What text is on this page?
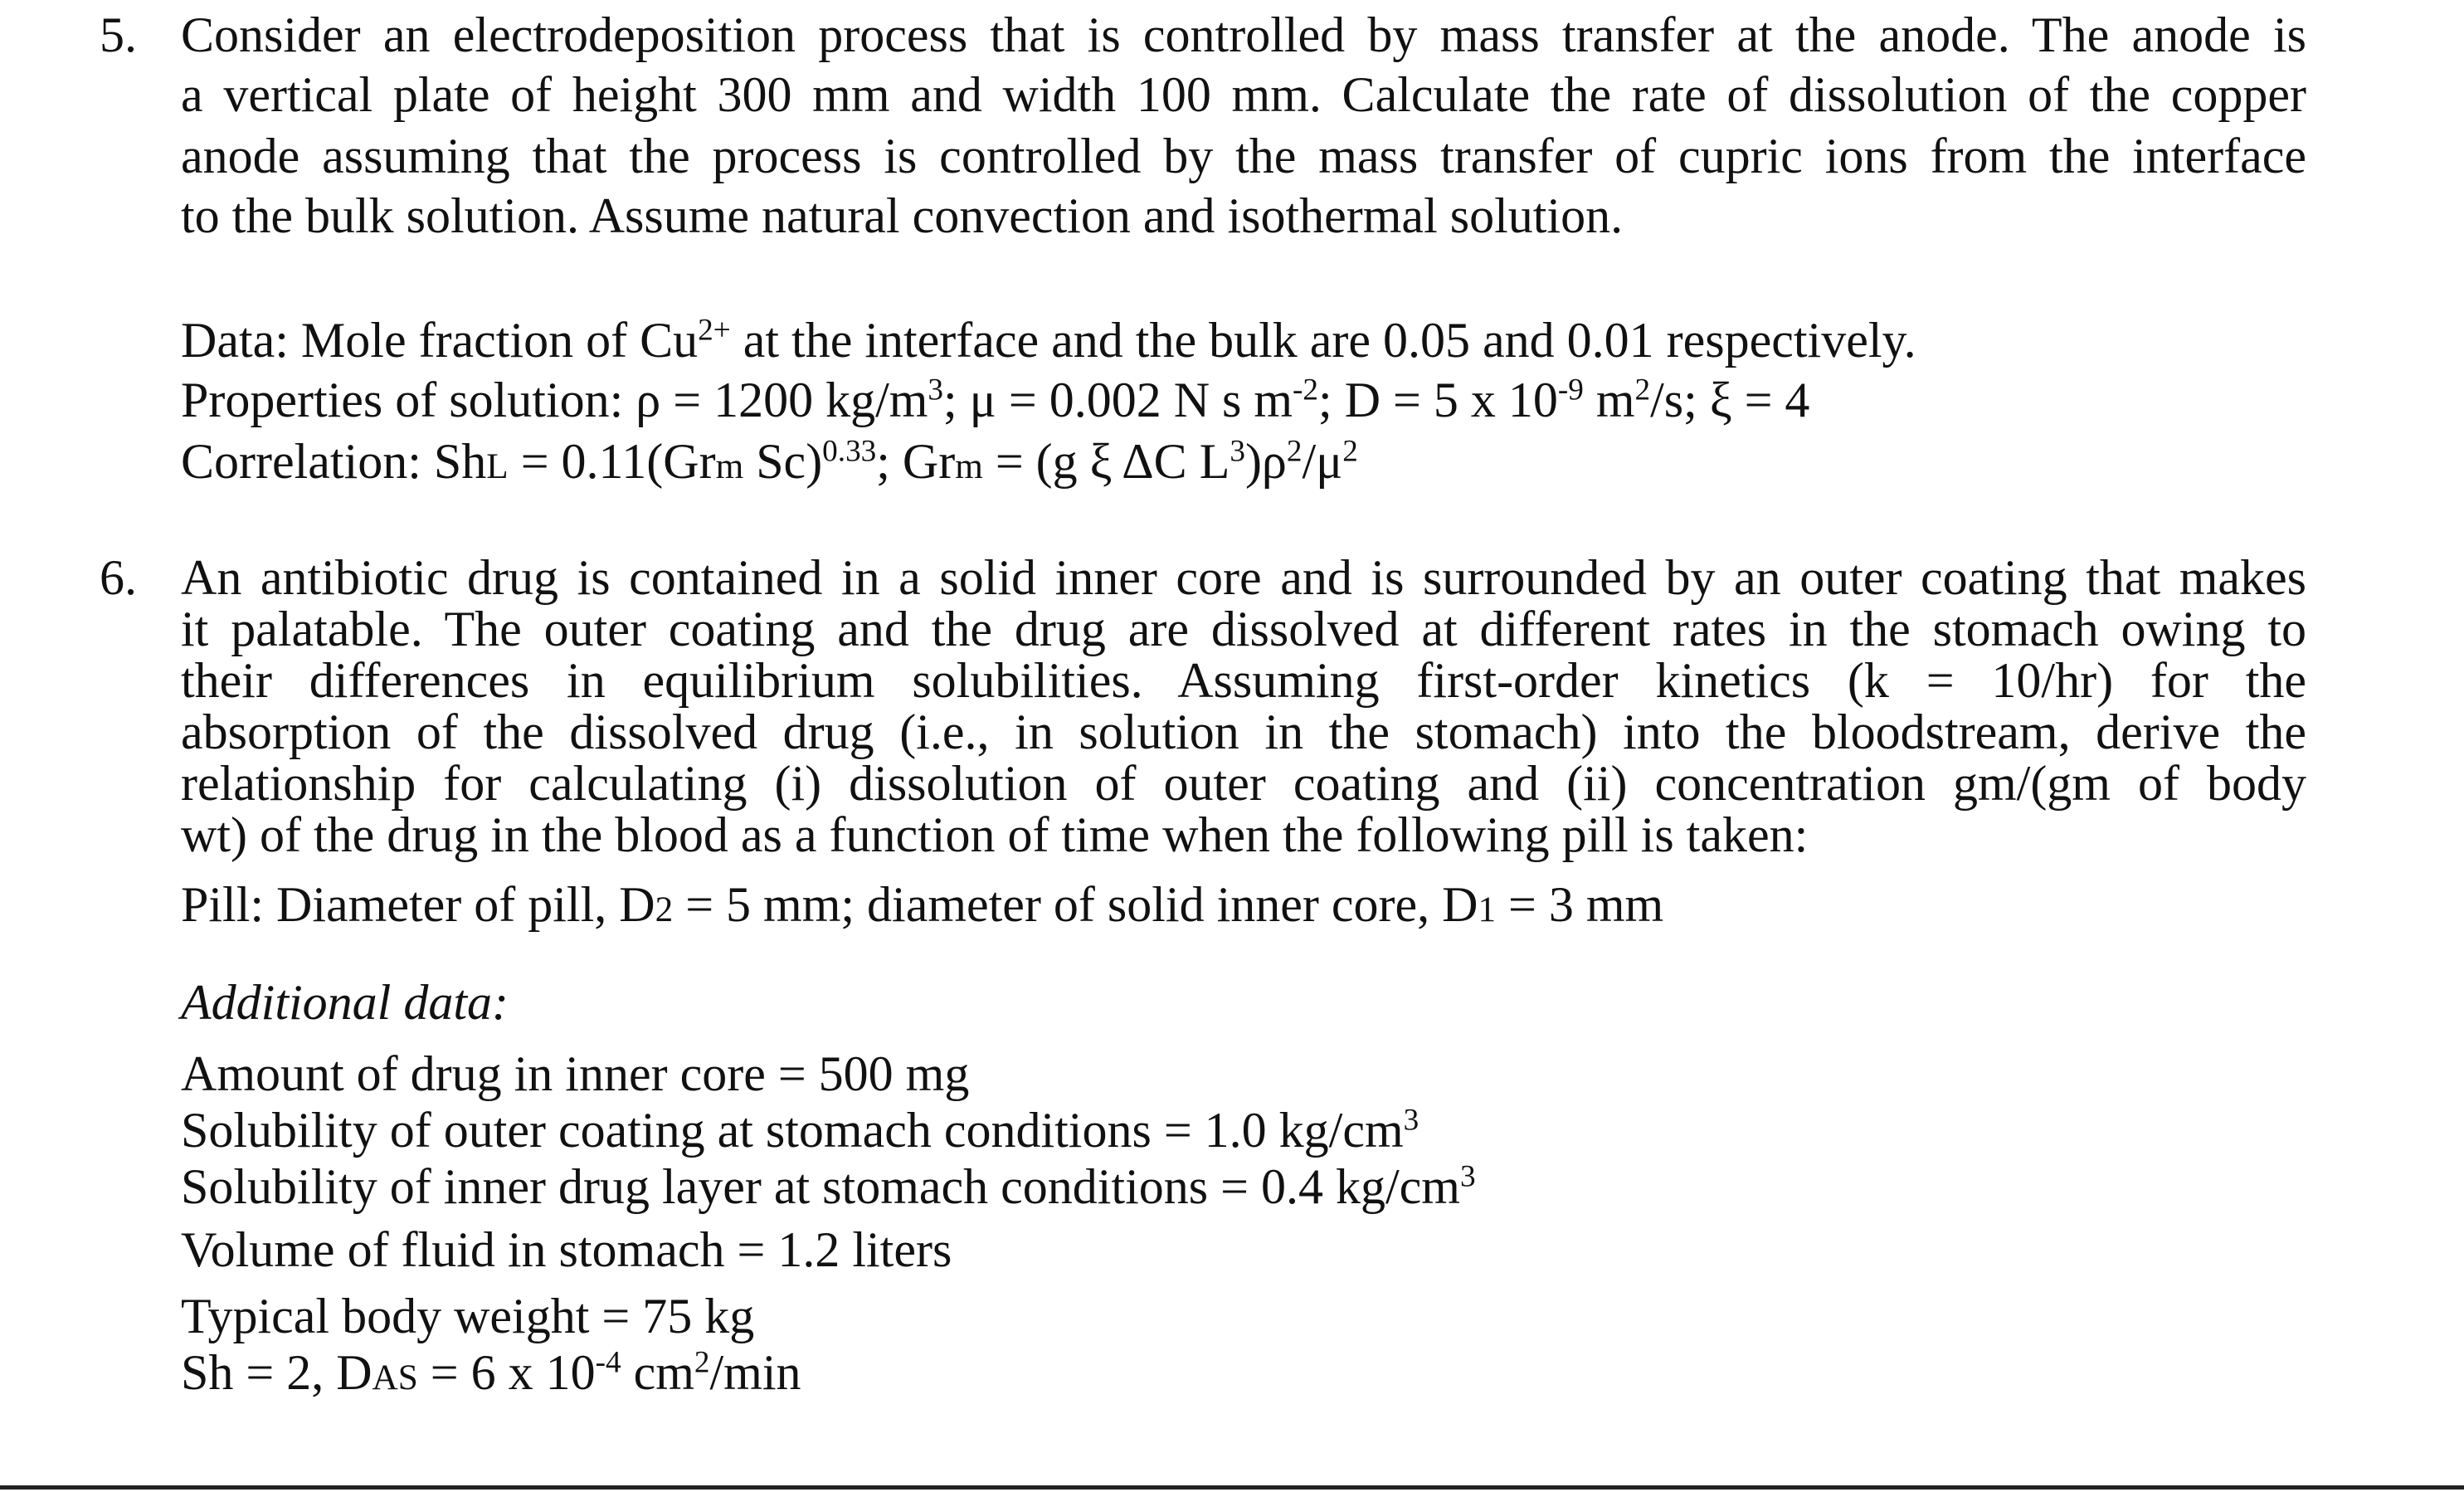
5. Consider an electrodeposition process that is controlled by mass transfer at the anode. The anode is
a vertical plate of height 300 mm and width 100 mm. Calculate the rate of dissolution of the copper
anode assuming that the process is controlled by the mass transfer of cupric ions from the interface
to the bulk solution. Assume natural convection and isothermal solution.
Data: Mole fraction of $Cu^{2+}$ at the interface and the bulk are 0.05 and 0.01 respectively.
Properties of solution: ρ = 1200 $kg/m^3$; μ = 0.002 N s $m^{-2}$; D = 5 x $10^{-9}$ $m^2/s$; ξ = 4
Correlation: ShL = 0.11(Grm Sc)$^{0.33}$; Grm = (g ξ ΔC $L^3)\rho^2/\mu^2$
6. An antibiotic drug is contained in a solid inner core and is surrounded by an outer coating that makes
it palatable. The outer coating and the drug are dissolved at different rates in the stomach owing to
their differences in equilibrium solubilities. Assuming first-order kinetics (k = 10/hr) for the
absorption of the dissolved drug (i.e., in solution in the stomach) into the bloodstream, derive the
relationship for calculating (i) dissolution of outer coating and (ii) concentration gm/(gm of body
wt) of the drug in the blood as a function of time when the following pill is taken:
Pill: Diameter of pill, D2 = 5 mm; diameter of solid inner core, D1 = 3 mm
Additional data:
Amount of drug in inner core = 500 mg
Solubility of outer coating at stomach conditions = 1.0 $kg/cm^3$
Solubility of inner drug layer at stomach conditions = 0.4 $kg/cm^3$
Volume of fluid in stomach = 1.2 liters
Typical body weight = 75 kg
Sh = 2, DAS = 6 x $10^{-4}$ $cm^2/\min$
